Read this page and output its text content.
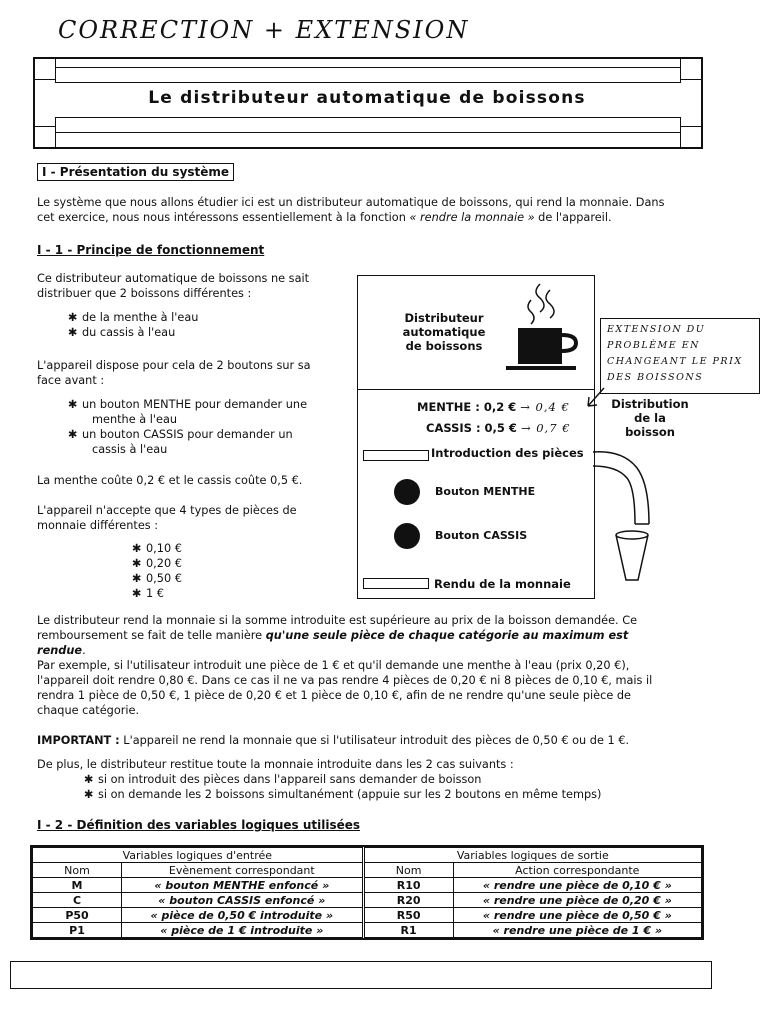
CORRECTION + EXTENSION
Le distributeur automatique de boissons
I - Présentation du système

Le système que nous allons étudier ici est un distributeur automatique de boissons, qui rend la monnaie. Dans

cet exercice, nous nous intéressons essentiellement à la fonction « rendre la monnaie » de l'appareil.

I - 1 - Principe de fonctionnement

Ce distributeur automatique de boissons ne sait

distribuer que 2 boissons différentes :

✱ de la menthe à l'eau
✱ du cassis à l'eau

L'appareil dispose pour cela de 2 boutons sur sa

face avant :

✱ un bouton MENTHE pour demander une
menthe à l'eau
✱ un bouton CASSIS pour demander un
cassis à l'eau

La menthe coûte 0,2 € et le cassis coûte 0,5 €.

L'appareil n'accepte que 4 types de pièces de

monnaie différentes :

✱ 0,10 €
✱ 0,20 €
✱ 0,50 €
✱ 1 €
Distributeur
automatique
de boissons
MENTHE : 0,2 € → 0,4 €
CASSIS : 0,5 € → 0,7 €
Introduction des pièces
Bouton MENTHE
Bouton CASSIS
Rendu de la monnaie
EXTENSION DU
PROBLÈME EN
CHANGEANT LE PRIX
DES BOISSONS
Distribution
de la
boisson

Le distributeur rend la monnaie si la somme introduite est supérieure au prix de la boisson demandée. Ce

remboursement se fait de telle manière qu'une seule pièce de chaque catégorie au maximum est

rendue.

Par exemple, si l'utilisateur introduit une pièce de 1 € et qu'il demande une menthe à l'eau (prix 0,20 €),

l'appareil doit rendre 0,80 €. Dans ce cas il ne va pas rendre 4 pièces de 0,20 € ni 8 pièces de 0,10 €, mais il

rendra 1 pièce de 0,50 €, 1 pièce de 0,20 € et 1 pièce de 0,10 €, afin de ne rendre qu'une seule pièce de

chaque catégorie.

IMPORTANT : L'appareil ne rend la monnaie que si l'utilisateur introduit des pièces de 0,50 € ou de 1 €.

De plus, le distributeur restitue toute la monnaie introduite dans les 2 cas suivants :

✱ si on introduit des pièces dans l'appareil sans demander de boisson
✱ si on demande les 2 boissons simultanément (appuie sur les 2 boutons en même temps)
I - 2 - Définition des variables logiques utilisées
Variables logiques d'entrée		Variables logiques de sortie	
Nom	Evènement correspondant	Nom	Action correspondante
M	« bouton MENTHE enfoncé »	R10	« rendre une pièce de 0,10 € »
C	« bouton CASSIS enfoncé »	R20	« rendre une pièce de 0,20 € »
P50	« pièce de 0,50 € introduite »	R50	« rendre une pièce de 0,50 € »
P1	« pièce de 1 € introduite »	R1	« rendre une pièce de 1 € »
